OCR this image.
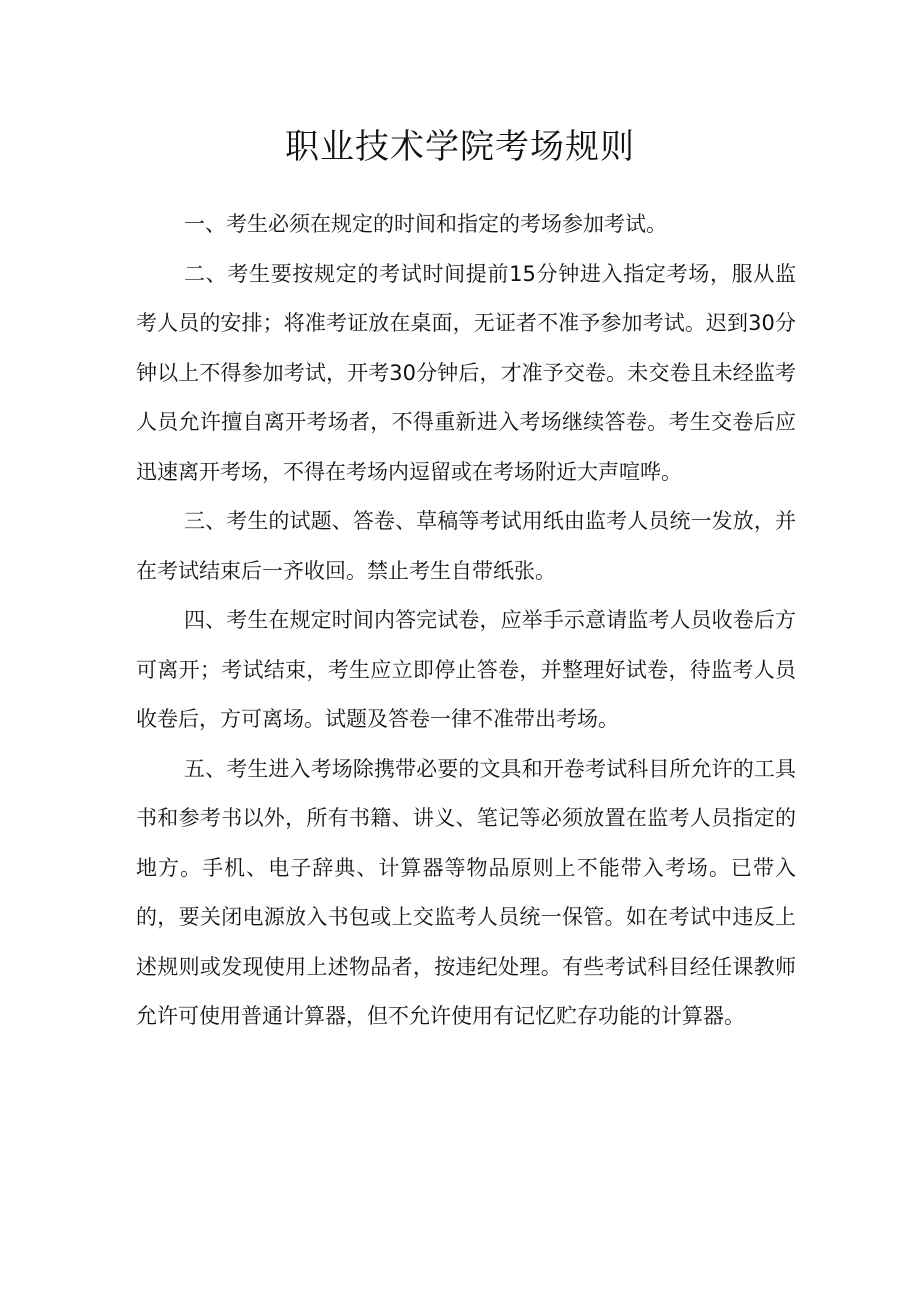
职业技术学院考场规则

一、考生必须在规定的时间和指定的考场参加考试。

二、考生要按规定的考试时间提前15分钟进入指定考场，服从监考人员的安排；将准考证放在桌面，无证者不准予参加考试。迟到30分钟以上不得参加考试，开考30分钟后，才准予交卷。未交卷且未经监考人员允许擅自离开考场者，不得重新进入考场继续答卷。考生交卷后应迅速离开考场，不得在考场内逗留或在考场附近大声喧哗。

三、考生的试题、答卷、草稿等考试用纸由监考人员统一发放，并在考试结束后一齐收回。禁止考生自带纸张。

四、考生在规定时间内答完试卷，应举手示意请监考人员收卷后方可离开；考试结束，考生应立即停止答卷，并整理好试卷，待监考人员收卷后，方可离场。试题及答卷一律不准带出考场。

五、考生进入考场除携带必要的文具和开卷考试科目所允许的工具书和参考书以外，所有书籍、讲义、笔记等必须放置在监考人员指定的地方。手机、电子辞典、计算器等物品原则上不能带入考场。已带入的，要关闭电源放入书包或上交监考人员统一保管。如在考试中违反上述规则或发现使用上述物品者，按违纪处理。有些考试科目经任课教师允许可使用普通计算器，但不允许使用有记忆贮存功能的计算器。
